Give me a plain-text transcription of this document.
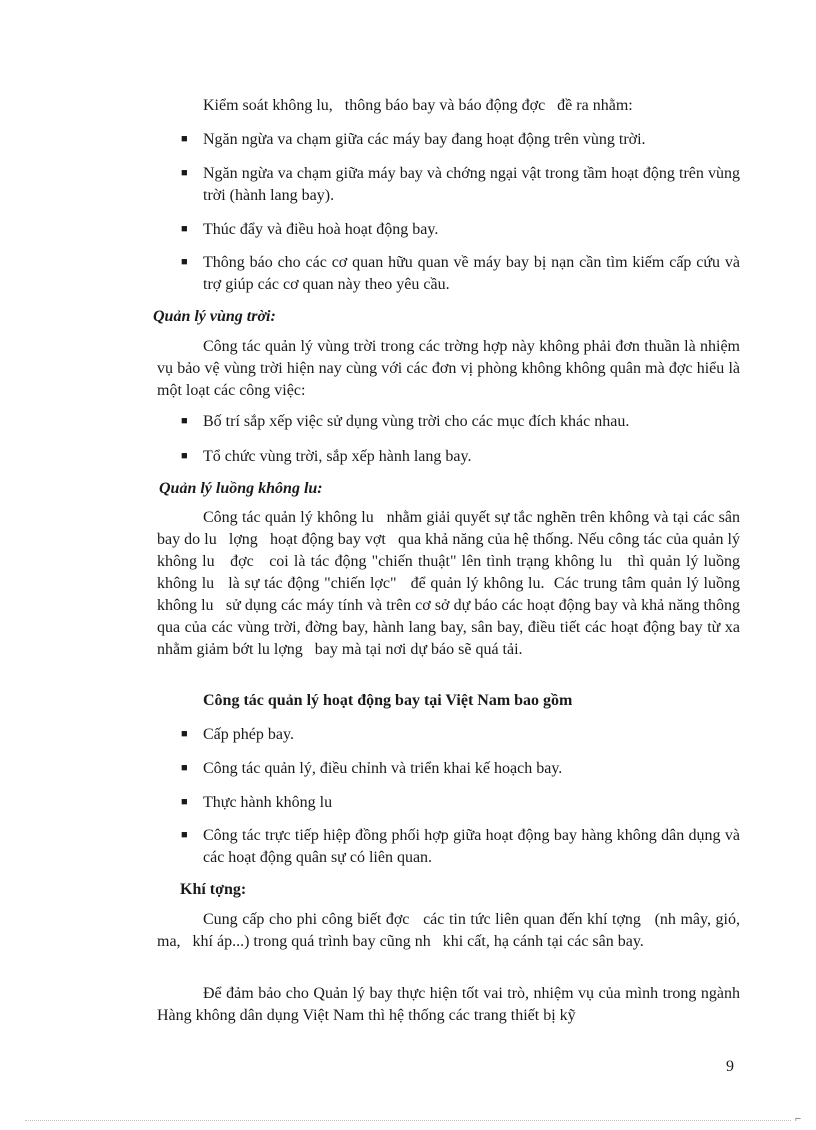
Kiểm soát không lu,   thông báo bay và báo động đợc   đề ra nhằm:

■ Ngăn ngừa va chạm giữa các máy bay đang hoạt động trên vùng trời.

■ Ngăn ngừa va chạm giữa máy bay và chớng ngại vật trong tầm hoạt động trên vùng trời (hành lang bay).

■ Thúc đẩy và điều hoà hoạt động bay.

■ Thông báo cho các cơ quan hữu quan về máy bay bị nạn cần tìm kiếm cấp cứu và trợ giúp các cơ quan này theo yêu cầu.

Quản lý vùng trời:

Công tác quản lý vùng trời trong các trờng hợp này không phải đơn thuần là nhiệm vụ bảo vệ vùng trời hiện nay cùng với các đơn vị phòng không không quân mà đợc hiểu là một loạt các công việc:

■ Bố trí sắp xếp việc sử dụng vùng trời cho các mục đích khác nhau.

■ Tổ chức vùng trời, sắp xếp hành lang bay.

Quản lý luồng không lu:

Công tác quản lý không lu   nhằm giải quyết sự tắc nghẽn trên không và tại các sân bay do lu   lợng   hoạt động bay vợt   qua khả năng của hệ thống. Nếu công tác của quản lý không lu   đợc   coi là tác động "chiến thuật" lên tình trạng không lu   thì quản lý luồng không lu   là sự tác động "chiến lợc"   để quản lý không lu.  Các trung tâm quản lý luồng không lu   sử dụng các máy tính và trên cơ sở dự báo các hoạt động bay và khả năng thông qua của các vùng trời, đờng bay, hành lang bay, sân bay, điều tiết các hoạt động bay từ xa nhằm giảm bớt lu lợng   bay mà tại nơi dự báo sẽ quá tải.

Công tác quản lý hoạt động bay tại Việt Nam bao gồm

■ Cấp phép bay.

■ Công tác quản lý, điều chỉnh và triển khai kế hoạch bay.

■ Thực hành không lu

■ Công tác trực tiếp hiệp đồng phối hợp giữa hoạt động bay hàng không dân dụng và các hoạt động quân sự có liên quan.

Khí tợng:

Cung cấp cho phi công biết đợc   các tin tức liên quan đến khí tợng   (nh mây, gió, ma,   khí áp...) trong quá trình bay cũng nh   khi cất, hạ cánh tại các sân bay.

Để đảm bảo cho Quản lý bay thực hiện tốt vai trò, nhiệm vụ của mình trong ngành Hàng không dân dụng Việt Nam thì hệ thống các trang thiết bị kỹ

9
⌐
